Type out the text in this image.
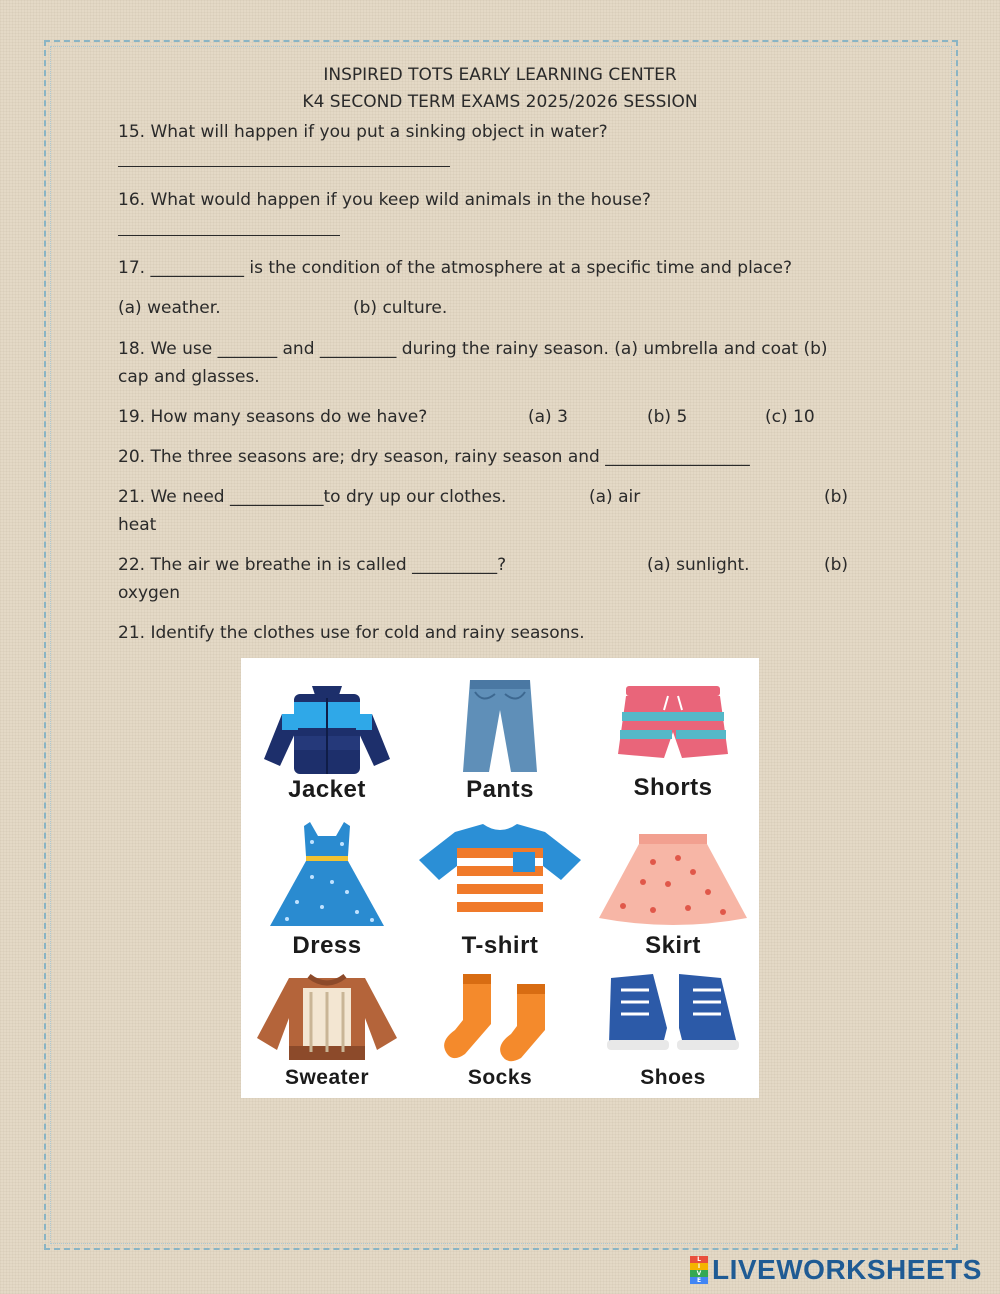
INSPIRED TOTS EARLY LEARNING CENTER
K4 SECOND TERM EXAMS 2025/2026 SESSION
15. What will happen if you put a sinking object in water?
16. What would happen if you keep wild animals in the house?
17. ___________ is the condition of the atmosphere at a specific time and place?
(a) weather.	(b) culture.
18. We use _______ and _________ during the rainy season. (a) umbrella and coat (b) cap and glasses.
19. How many seasons do we have?	(a) 3	(b) 5	(c) 10
20. The three seasons are; dry season, rainy season and _________________
21. We need ___________to dry up our clothes.	(a) air	(b)
heat
22. The air we breathe in is called __________?	(a) sunlight.	(b)
oxygen
21. Identify the clothes use for cold and rainy seasons.
Jacket	Pants	Shorts
Dress	T-shirt	Skirt
Sweater	Socks	Shoes
L
I
V
E LIVEWORKSHEETS
